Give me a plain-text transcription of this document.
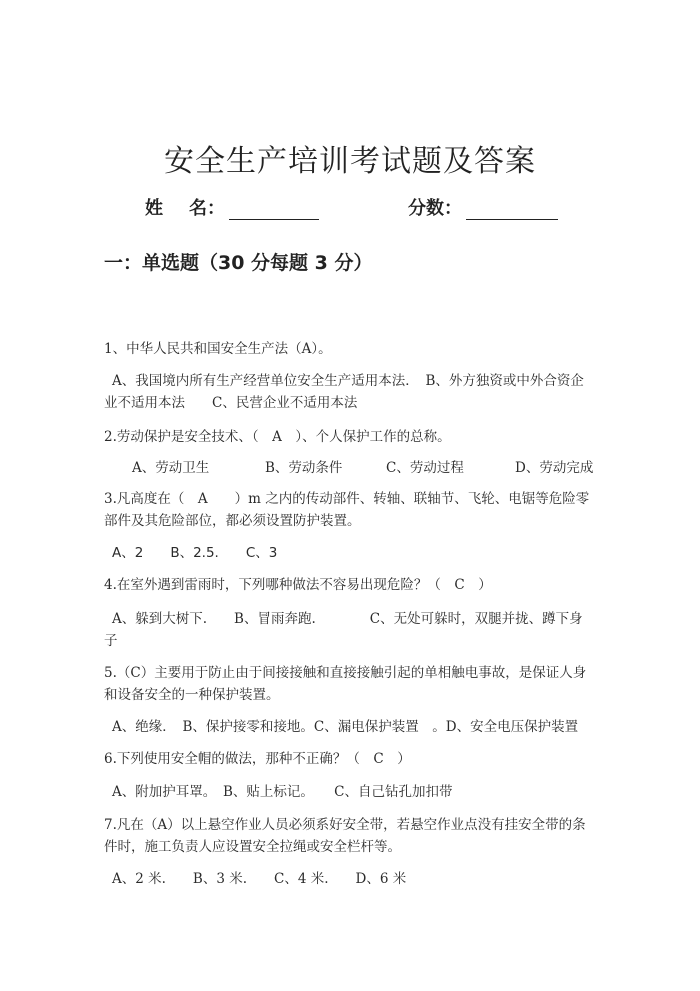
安全生产培训考试题及答案
姓 名：	分数：
一：单选题（30 分每题 3 分）
1、中华人民共和国安全生产法（A）。
A、我国境内所有生产经营单位安全生产适用本法．　B、外方独资或中外合资企业不适用本法　　C、民营企业不适用本法
2.劳动保护是安全技术、（　A　）、个人保护工作的总称。
A、劳动卫生	B、劳动条件	C、劳动过程	D、劳动完成
3.凡高度在（　A　　）m 之内的传动部件、转轴、联轴节、飞轮、电锯等危险零部件及其危险部位，都必须设置防护装置。
A、2　　B、2.5.　　C、3
4.在室外遇到雷雨时，下列哪种做法不容易出现危险？（　C　）
A、躲到大树下.　　B、冒雨奔跑.　　　　C、无处可躲时，双腿并拢、蹲下身子
5.（C）主要用于防止由于间接接触和直接接触引起的单相触电事故，是保证人身和设备安全的一种保护装置。
A、绝缘．　B、保护接零和接地。C、漏电保护装置　。D、安全电压保护装置
6.下列使用安全帽的做法，那种不正确？（　C　）
A、附加护耳罩。　B、贴上标记。　　C、自己钻孔加扣带
7.凡在（A）以上悬空作业人员必须系好安全带，若悬空作业点没有挂安全带的条件时，施工负责人应设置安全拉绳或安全栏杆等。
A、2 米.　　B、3 米.　　C、4 米.　　D、6 米
